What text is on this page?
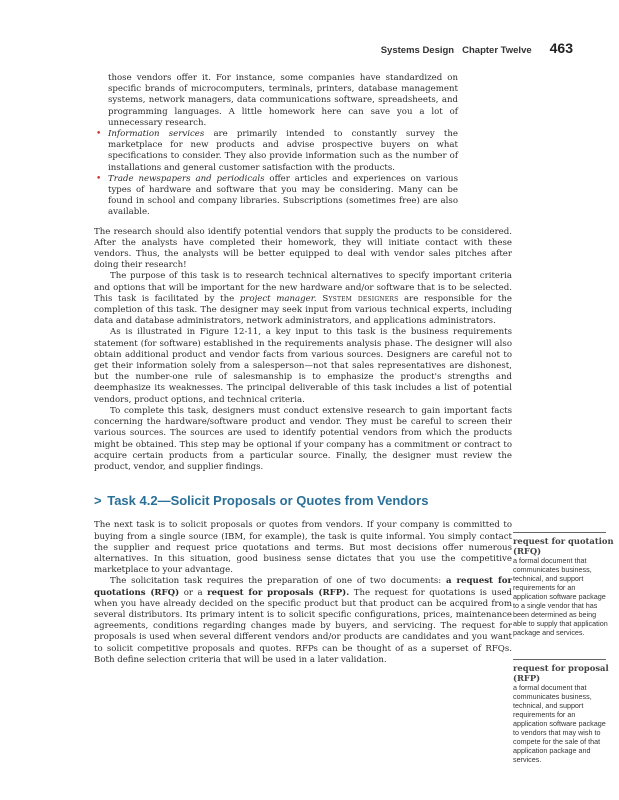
Systems Design Chapter Twelve 463

those vendors offer it. For instance, some companies have standardized on specific brands of microcomputers, terminals, printers, database management systems, network managers, data communications software, spreadsheets, and programming languages. A little homework here can save you a lot of unnecessary research.

• Information services are primarily intended to constantly survey the marketplace for new products and advise prospective buyers on what specifications to consider. They also provide information such as the number of installations and general customer satisfaction with the products.
• Trade newspapers and periodicals offer articles and experiences on various types of hardware and software that you may be considering. Many can be found in school and company libraries. Subscriptions (sometimes free) are also available.

The research should also identify potential vendors that supply the products to be considered. After the analysts have completed their homework, they will initiate contact with these vendors. Thus, the analysts will be better equipped to deal with vendor sales pitches after doing their research!

The purpose of this task is to research technical alternatives to specify important criteria and options that will be important for the new hardware and/or software that is to be selected. This task is facilitated by the project manager. System designers are responsible for the completion of this task. The designer may seek input from various technical experts, including data and database administrators, network administrators, and applications administrators.

As is illustrated in Figure 12-11, a key input to this task is the business requirements statement (for software) established in the requirements analysis phase. The designer will also obtain additional product and vendor facts from various sources. Designers are careful not to get their information solely from a salesperson—not that sales representatives are dishonest, but the number-one rule of salesmanship is to emphasize the product's strengths and deemphasize its weaknesses. The principal deliverable of this task includes a list of potential vendors, product options, and technical criteria.

To complete this task, designers must conduct extensive research to gain important facts concerning the hardware/software product and vendor. They must be careful to screen their various sources. The sources are used to identify potential vendors from which the products might be obtained. This step may be optional if your company has a commitment or contract to acquire certain products from a particular source. Finally, the designer must review the product, vendor, and supplier findings.

> Task 4.2—Solicit Proposals or Quotes from Vendors

The next task is to solicit proposals or quotes from vendors. If your company is committed to buying from a single source (IBM, for example), the task is quite informal. You simply contact the supplier and request price quotations and terms. But most decisions offer numerous alternatives. In this situation, good business sense dictates that you use the competitive marketplace to your advantage.

The solicitation task requires the preparation of one of two documents: a request for quotations (RFQ) or a request for proposals (RFP). The request for quotations is used when you have already decided on the specific product but that product can be acquired from several distributors. Its primary intent is to solicit specific configurations, prices, maintenance agreements, conditions regarding changes made by buyers, and servicing. The request for proposals is used when several different vendors and/or products are candidates and you want to solicit competitive proposals and quotes. RFPs can be thought of as a superset of RFQs. Both define selection criteria that will be used in a later validation.

request for quotation (RFQ)

a formal document that communicates business, technical, and support requirements for an application software package to a single vendor that has been determined as being able to supply that application package and services.

request for proposal (RFP)

a formal document that communicates business, technical, and support requirements for an application software package to vendors that may wish to compete for the sale of that application package and services.
